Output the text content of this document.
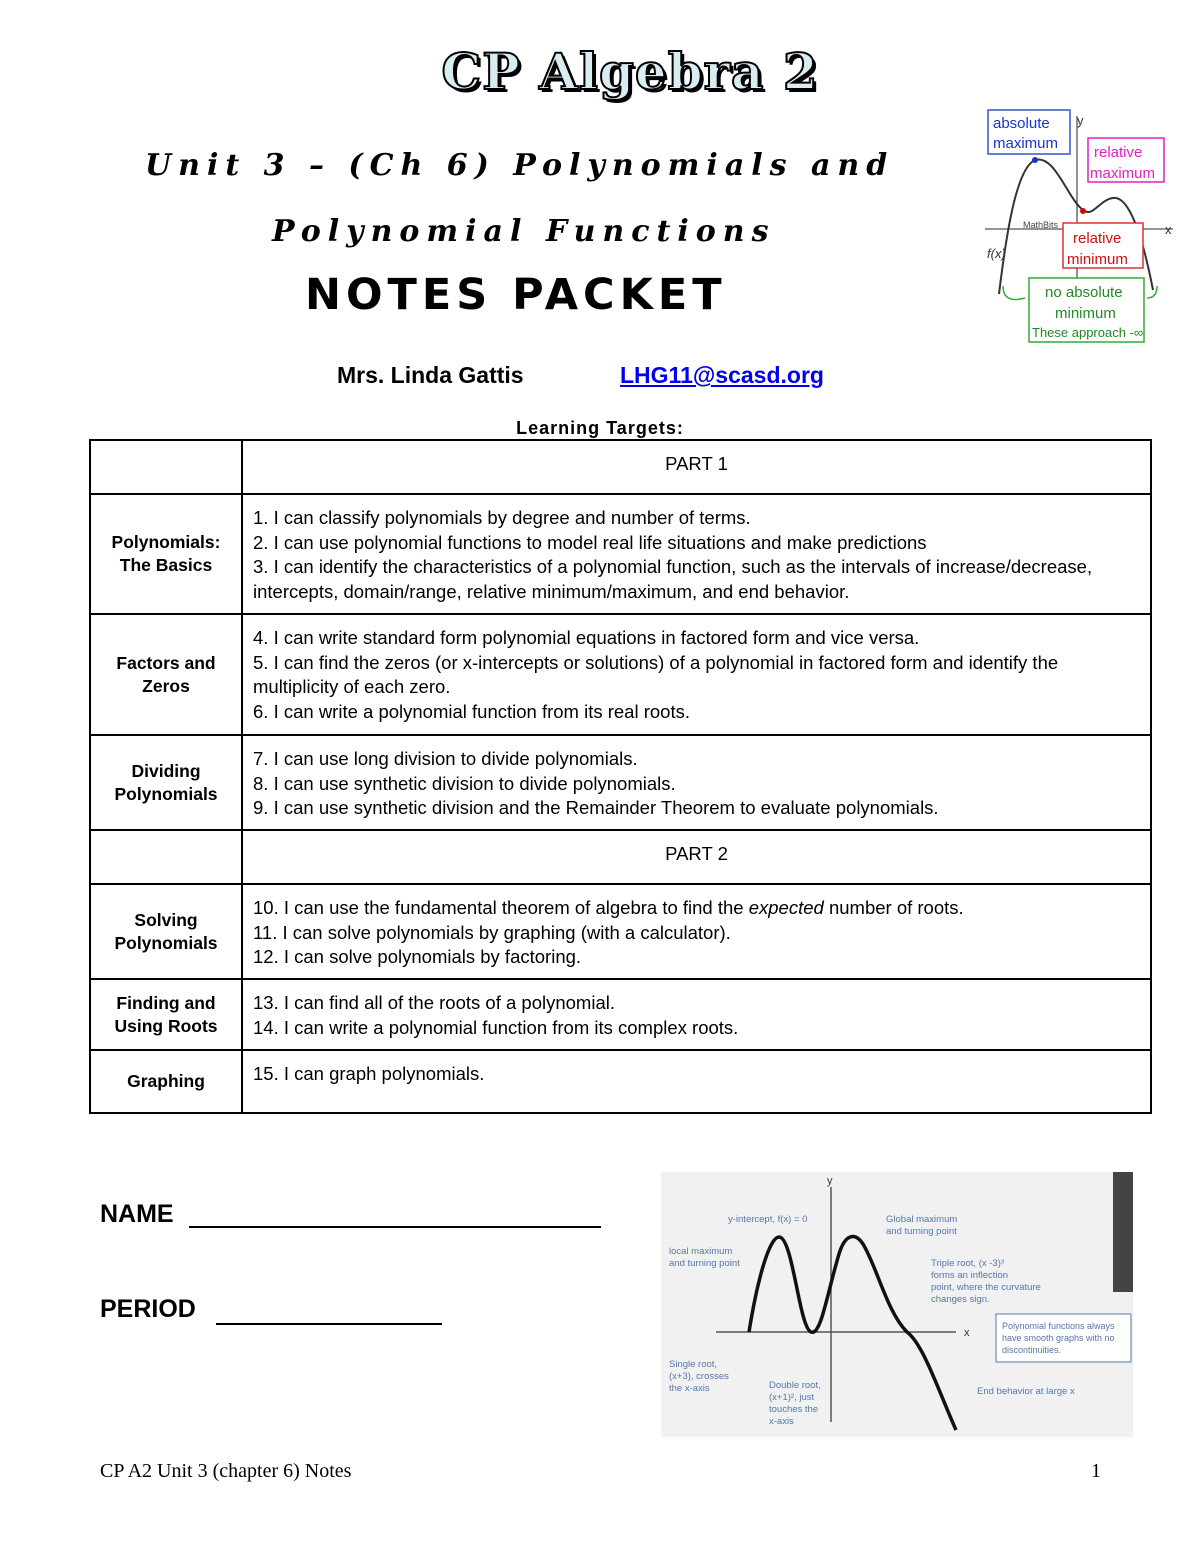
CP Algebra 2
Unit 3 – (Ch 6) Polynomials and
Polynomial Functions
NOTES PACKET
Mrs. Linda Gattis	LHG11@scasd.org
y
x
MathBits
f(x)
absolute
maximum
relative
maximum
relative
minimum
no absolute
minimum
These approach -∞
Learning Targets:
	PART 1

Polynomials:
The Basics	1. I can classify polynomials by degree and number of terms.
2. I can use polynomial functions to model real life situations and make predictions
3. I can identify the characteristics of a polynomial function, such as the intervals of increase/decrease, intercepts, domain/range, relative minimum/maximum, and end behavior.

Factors and
Zeros	4. I can write standard form polynomial equations in factored form and vice versa.
5. I can find the zeros (or x-intercepts or solutions) of a polynomial in factored form and identify the multiplicity of each zero.
6. I can write a polynomial function from its real roots.

Dividing
Polynomials	7. I can use long division to divide polynomials.
8. I can use synthetic division to divide polynomials.
9. I can use synthetic division and the Remainder Theorem to evaluate polynomials.

	PART 2

Solving
Polynomials	10. I can use the fundamental theorem of algebra to find the expected number of roots.
11. I can solve polynomials by graphing (with a calculator).
12. I can solve polynomials by factoring.

Finding and
Using Roots	13. I can find all of the roots of a polynomial.
14. I can write a polynomial function from its complex roots.

Graphing	15. I can graph polynomials.
NAME
PERIOD
y
x
y-intercept, f(x) = 0	Global maximum
and turning point
local maximum
and turning point	Triple root, (x -3)³
forms an inflection
point, where the curvature
changes sign.
Polynomial functions always
have smooth graphs with no
discontinuities.
Single root,
(x+3), crosses
the x-axis	Double root,
(x+1)², just
touches the
x-axis
End behavior at large x
CP A2 Unit 3 (chapter 6) Notes	1
